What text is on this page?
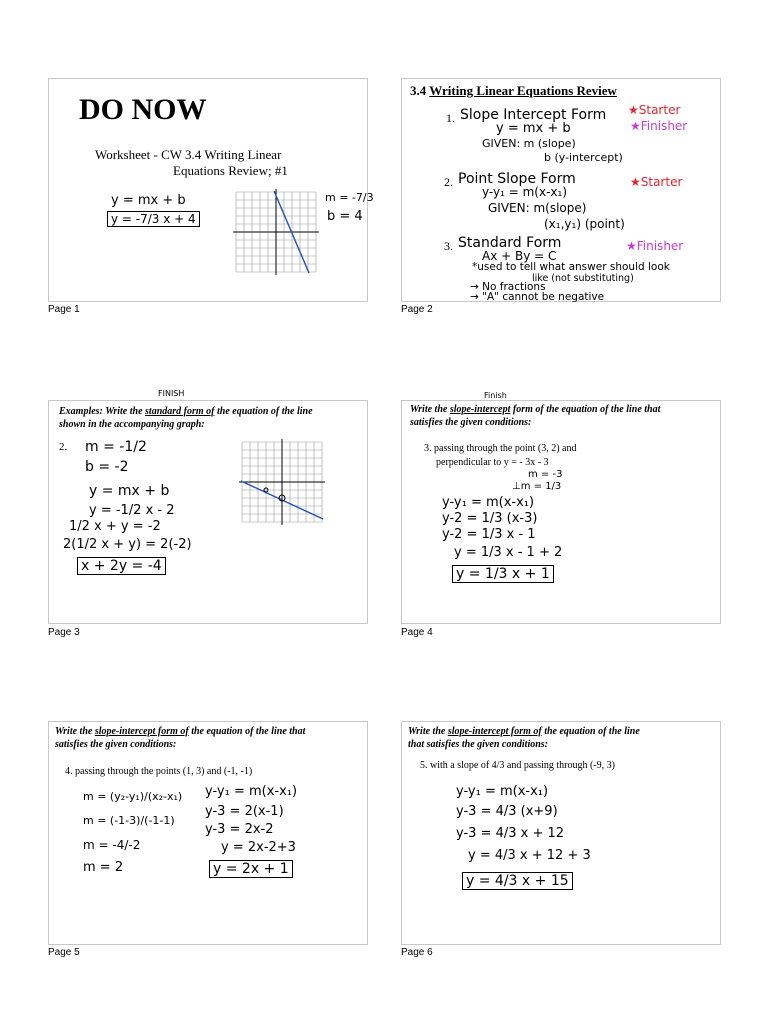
DO NOW
Worksheet - CW 3.4 Writing Linear
Equations Review; #1
y = mx + b
y = -7/3 x + 4
m = -7/3
b = 4
Page 1
3.4 Writing Linear Equations Review
1. Slope Intercept Form
y = mx + b
GIVEN: m (slope)
b (y-intercept)
★Starter
★Finisher
2. Point Slope Form
y-y₁ = m(x-x₁)
GIVEN: m(slope)
(x₁,y₁) (point)
★Starter
3. Standard Form	★Finisher
Ax + By = C
*used to tell what answer should look
like (not substituting)
→ No fractions
→ "A" cannot be negative
Page 2
FINISH
Examples: Write the standard form of the equation of the line
shown in the accompanying graph:
2. m = -1/2
b = -2
y = mx + b
y = -1/2 x - 2
1/2 x + y = -2
2(1/2 x + y) = 2(-2)
x + 2y = -4
Page 3
Finish
Write the slope-intercept form of the equation of the line that
satisfies the given conditions:
3. passing through the point (3, 2) and
perpendicular to y = - 3x - 3
m = -3
⊥m = 1/3
y-y₁ = m(x-x₁)
y-2 = 1/3 (x-3)
y-2 = 1/3 x - 1
y = 1/3 x - 1 + 2
y = 1/3 x + 1
Page 4
Write the slope-intercept form of the equation of the line that
satisfies the given conditions:
4. passing through the points (1, 3) and (-1, -1)
m = (y₂-y₁)/(x₂-x₁)
m = (-1-3)/(-1-1)
m = -4/-2
m = 2
y-y₁ = m(x-x₁)
y-3 = 2(x-1)
y-3 = 2x-2
y = 2x-2+3
y = 2x + 1
Page 5
Write the slope-intercept form of the equation of the line
that satisfies the given conditions:
5. with a slope of 4/3 and passing through (-9, 3)
y-y₁ = m(x-x₁)
y-3 = 4/3 (x+9)
y-3 = 4/3 x + 12
y = 4/3 x + 12 + 3
y = 4/3 x + 15
Page 6
